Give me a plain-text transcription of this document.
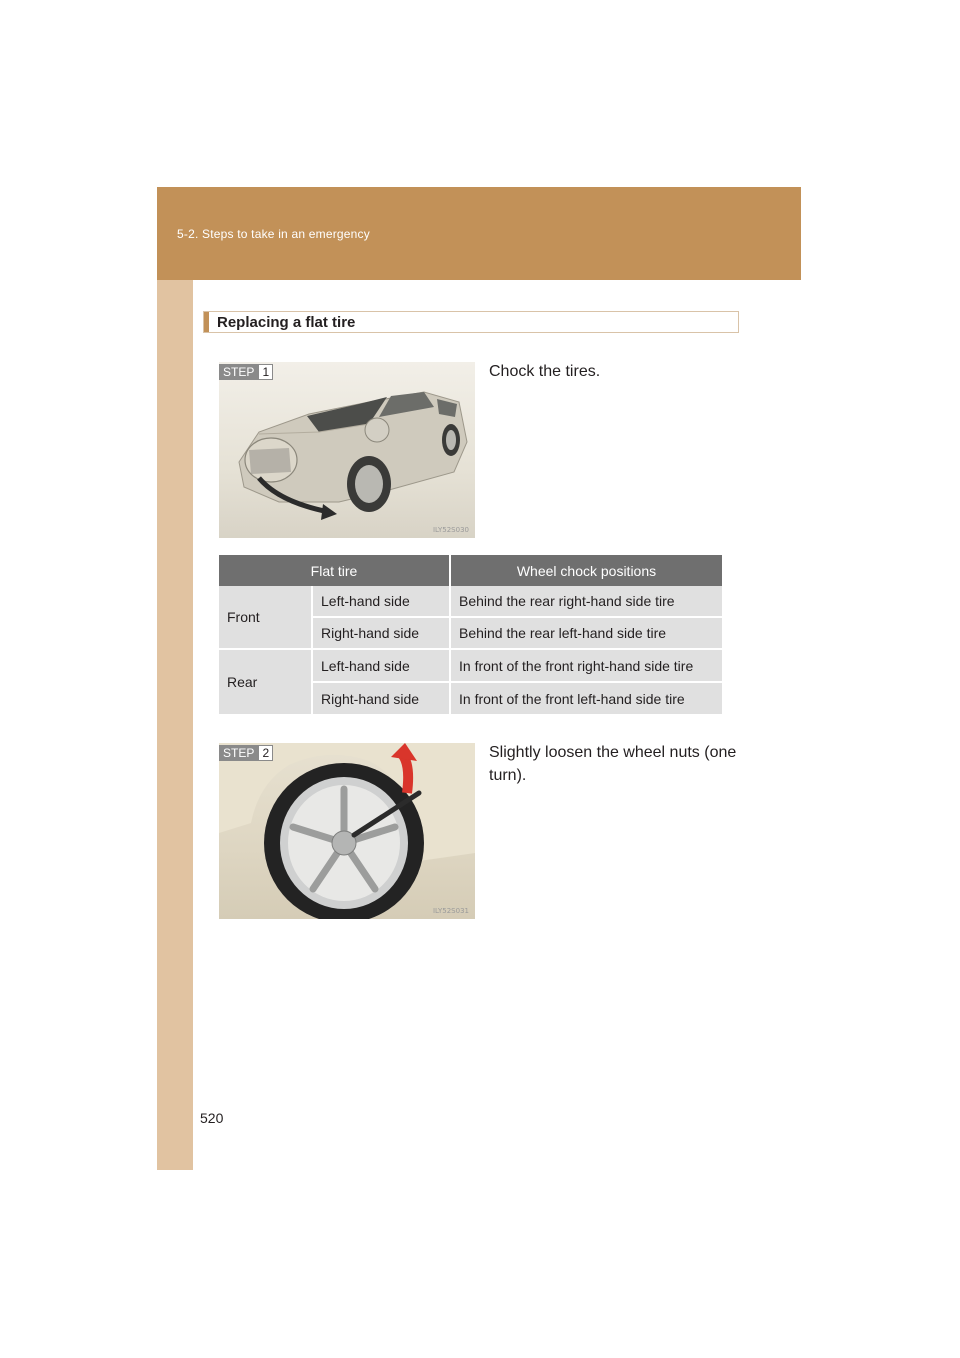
5-2. Steps to take in an emergency
Replacing a flat tire
STEP 1
ILY52S030
Chock the tires.
Flat tire		Wheel chock positions
Front	Left-hand side	Behind the rear right-hand side tire
	Right-hand side	Behind the rear left-hand side tire
Rear	Left-hand side	In front of the front right-hand side tire
	Right-hand side	In front of the front left-hand side tire
STEP 2
ILY52S031
Slightly loosen the wheel nuts (one turn).
520
